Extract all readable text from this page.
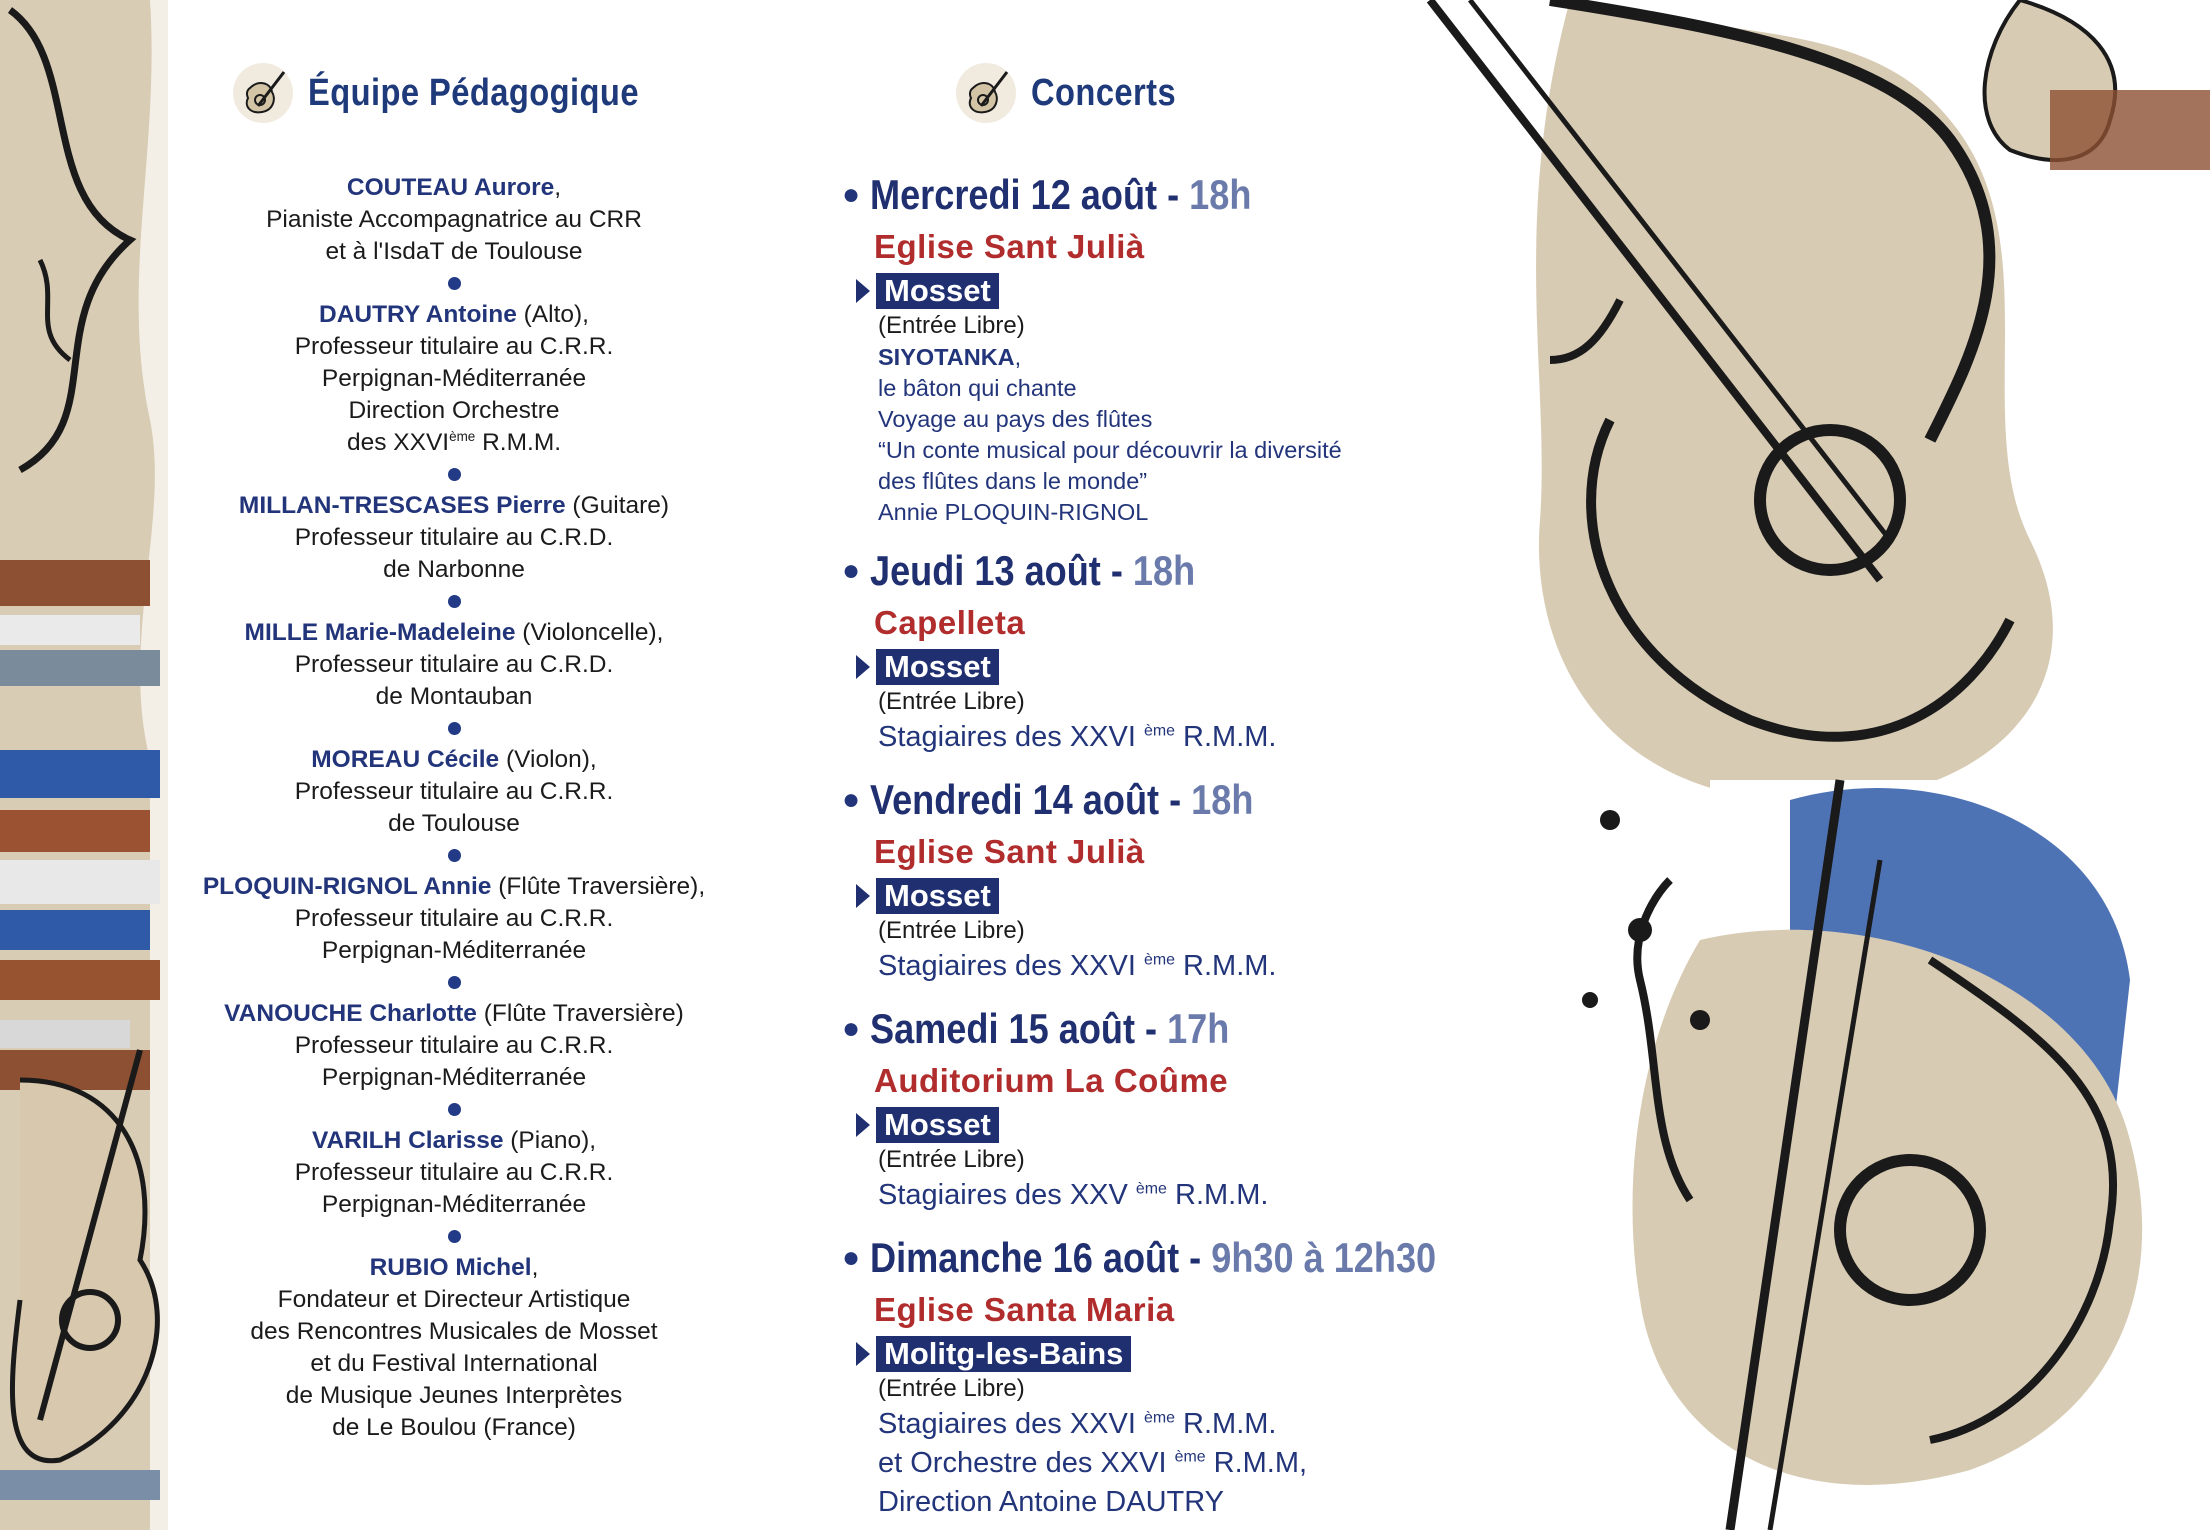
Équipe Pédagogique	Concerts
COUTEAU Aurore,
Pianiste Accompagnatrice au CRR
et à l'IsdaT de Toulouse
DAUTRY Antoine (Alto),
Professeur titulaire au C.R.R.
Perpignan-Méditerranée
Direction Orchestre
des XXVIème R.M.M.
MILLAN-TRESCASES Pierre (Guitare)
Professeur titulaire au C.R.D.
de Narbonne
MILLE Marie-Madeleine (Violoncelle),
Professeur titulaire au C.R.D.
de Montauban
MOREAU Cécile (Violon),
Professeur titulaire au C.R.R.
de Toulouse
PLOQUIN-RIGNOL Annie (Flûte Traversière),
Professeur titulaire au C.R.R.
Perpignan-Méditerranée
VANOUCHE Charlotte (Flûte Traversière)
Professeur titulaire au C.R.R.
Perpignan-Méditerranée
VARILH Clarisse (Piano),
Professeur titulaire au C.R.R.
Perpignan-Méditerranée
RUBIO Michel,
Fondateur et Directeur Artistique
des Rencontres Musicales de Mosset
et du Festival International
de Musique Jeunes Interprètes
de Le Boulou (France)
● Mercredi 12 août - 18h
Eglise Sant Julià
Mosset
(Entrée Libre)
SIYOTANKA,
le bâton qui chante
Voyage au pays des flûtes
“Un conte musical pour découvrir la diversité
des flûtes dans le monde”
Annie PLOQUIN-RIGNOL
● Jeudi 13 août - 18h
Capelleta
Mosset
(Entrée Libre)
Stagiaires des XXVI $^{ème}$ R.M.M.
● Vendredi 14 août - 18h
Eglise Sant Julià
Mosset
(Entrée Libre)
Stagiaires des XXVI $^{ème}$ R.M.M.
● Samedi 15 août - 17h
Auditorium La Coûme
Mosset
(Entrée Libre)
Stagiaires des XXV $^{ème}$ R.M.M.
● Dimanche 16 août - 9h30 à 12h30
Eglise Santa Maria
Molitg-les-Bains
(Entrée Libre)
Stagiaires des XXVI $^{ème}$ R.M.M.
et Orchestre des XXVI $^{ème}$ R.M.M,
Direction Antoine DAUTRY
